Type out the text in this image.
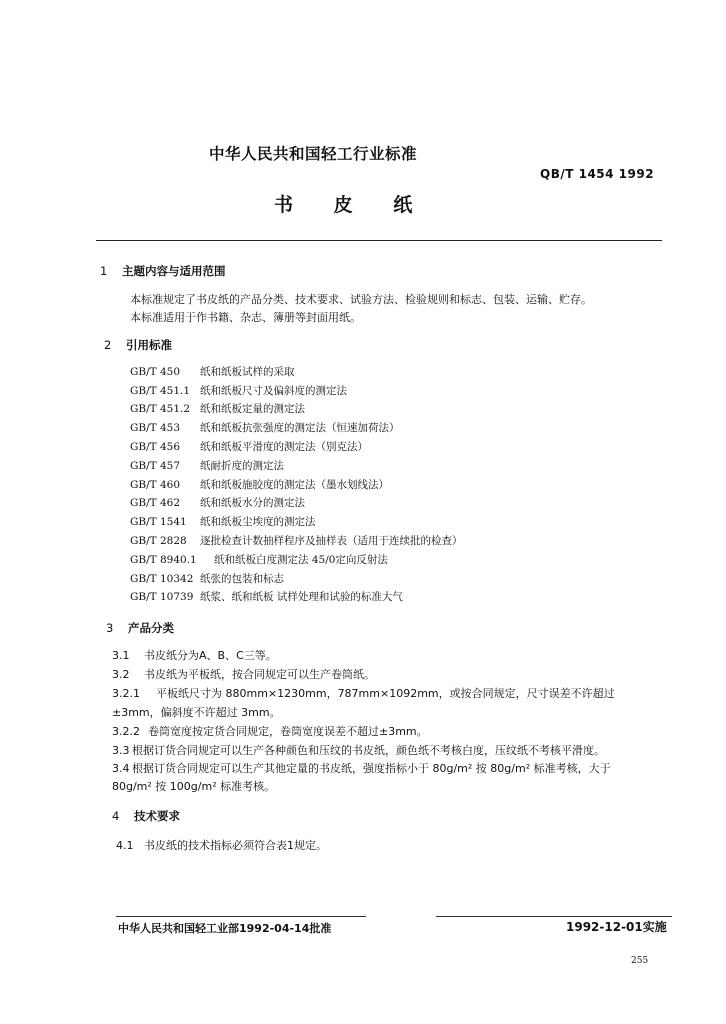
中华人民共和国轻工行业标准
QB/T 1454 1992
书 皮 纸
1 主题内容与适用范围
本标准规定了书皮纸的产品分类、技术要求、试验方法、检验规则和标志、包装、运输、贮存。
本标准适用于作书籍、杂志、簿册等封面用纸。
2 引用标准
GB/T 450 纸和纸板试样的采取
GB/T 451.1 纸和纸板尺寸及偏斜度的测定法
GB/T 451.2 纸和纸板定量的测定法
GB/T 453 纸和纸板抗张强度的测定法（恒速加荷法）
GB/T 456 纸和纸板平滑度的测定法（别克法）
GB/T 457 纸耐折度的测定法
GB/T 460 纸和纸板施胶度的测定法（墨水划线法）
GB/T 462 纸和纸板水分的测定法
GB/T 1541 纸和纸板尘埃度的测定法
GB/T 2828 逐批检查计数抽样程序及抽样表（适用于连续批的检查）
GB/T 8940.1 纸和纸板白度测定法 45/0定向反射法
GB/T 10342 纸张的包装和标志
GB/T 10739 纸浆、纸和纸板 试样处理和试验的标准大气
3 产品分类
3.1 书皮纸分为A、B、C三等。
3.2 书皮纸为平板纸，按合同规定可以生产卷筒纸。
3.2.1 平板纸尺寸为 880mm×1230mm，787mm×1092mm，或按合同规定，尺寸误差不许超过
±3mm，偏斜度不许超过 3mm。
3.2.2 卷筒宽度按定货合同规定，卷筒宽度误差不超过±3mm。
3.3 根据订货合同规定可以生产各种颜色和压纹的书皮纸，颜色纸不考核白度，压纹纸不考核平滑度。
3.4 根据订货合同规定可以生产其他定量的书皮纸，强度指标小于 80g/m² 按 80g/m² 标准考核，大于
80g/m² 按 100g/m² 标准考核。
4 技术要求
4.1 书皮纸的技术指标必须符合表1规定。
中华人民共和国轻工业部1992-04-14批准	1992-12-01实施
255
